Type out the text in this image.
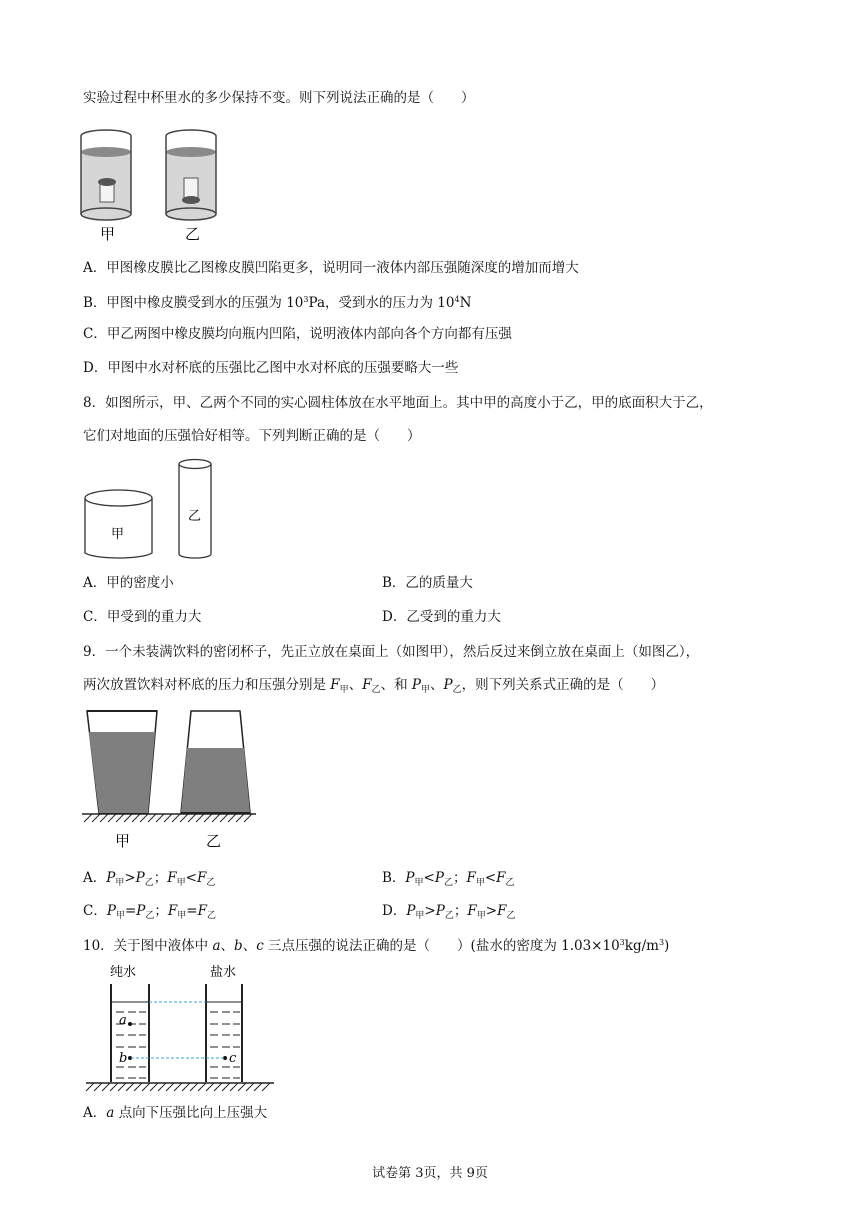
实验过程中杯里水的多少保持不变。则下列说法正确的是（　　）
甲	乙
A．甲图橡皮膜比乙图橡皮膜凹陷更多，说明同一液体内部压强随深度的增加而增大
B．甲图中橡皮膜受到水的压强为 $10^3Pa$，受到水的压力为 $10^4N$
C．甲乙两图中橡皮膜均向瓶内凹陷，说明液体内部向各个方向都有压强
D．甲图中水对杯底的压强比乙图中水对杯底的压强要略大一些
8．如图所示，甲、乙两个不同的实心圆柱体放在水平地面上。其中甲的高度小于乙，甲的底面积大于乙，
它们对地面的压强恰好相等。下列判断正确的是（　　）
甲
乙
A．甲的密度小	B．乙的质量大
C．甲受到的重力大	D．乙受到的重力大
9．一个未装满饮料的密闭杯子，先正立放在桌面上（如图甲），然后反过来倒立放在桌面上（如图乙），
两次放置饮料对杯底的压力和压强分别是 $F_甲$、$F_乙$、和 $P_甲$、$P_乙$，则下列关系式正确的是（　　）
甲	乙
A．$P_甲>P_乙$；$F_甲<F_乙$	B．$P_甲<P_乙$；$F_甲<F_乙$
C．$P_甲=P_乙$；$F_甲=F_乙$	D．$P_甲>P_乙$；$F_甲>F_乙$
10．关于图中液体中 a、b、c 三点压强的说法正确的是（　　）(盐水的密度为 $1.03\times 10^3kg/m^3$)
纯水	盐水
a
b	c
A．a 点向下压强比向上压强大
试卷第 3页，共 9页
